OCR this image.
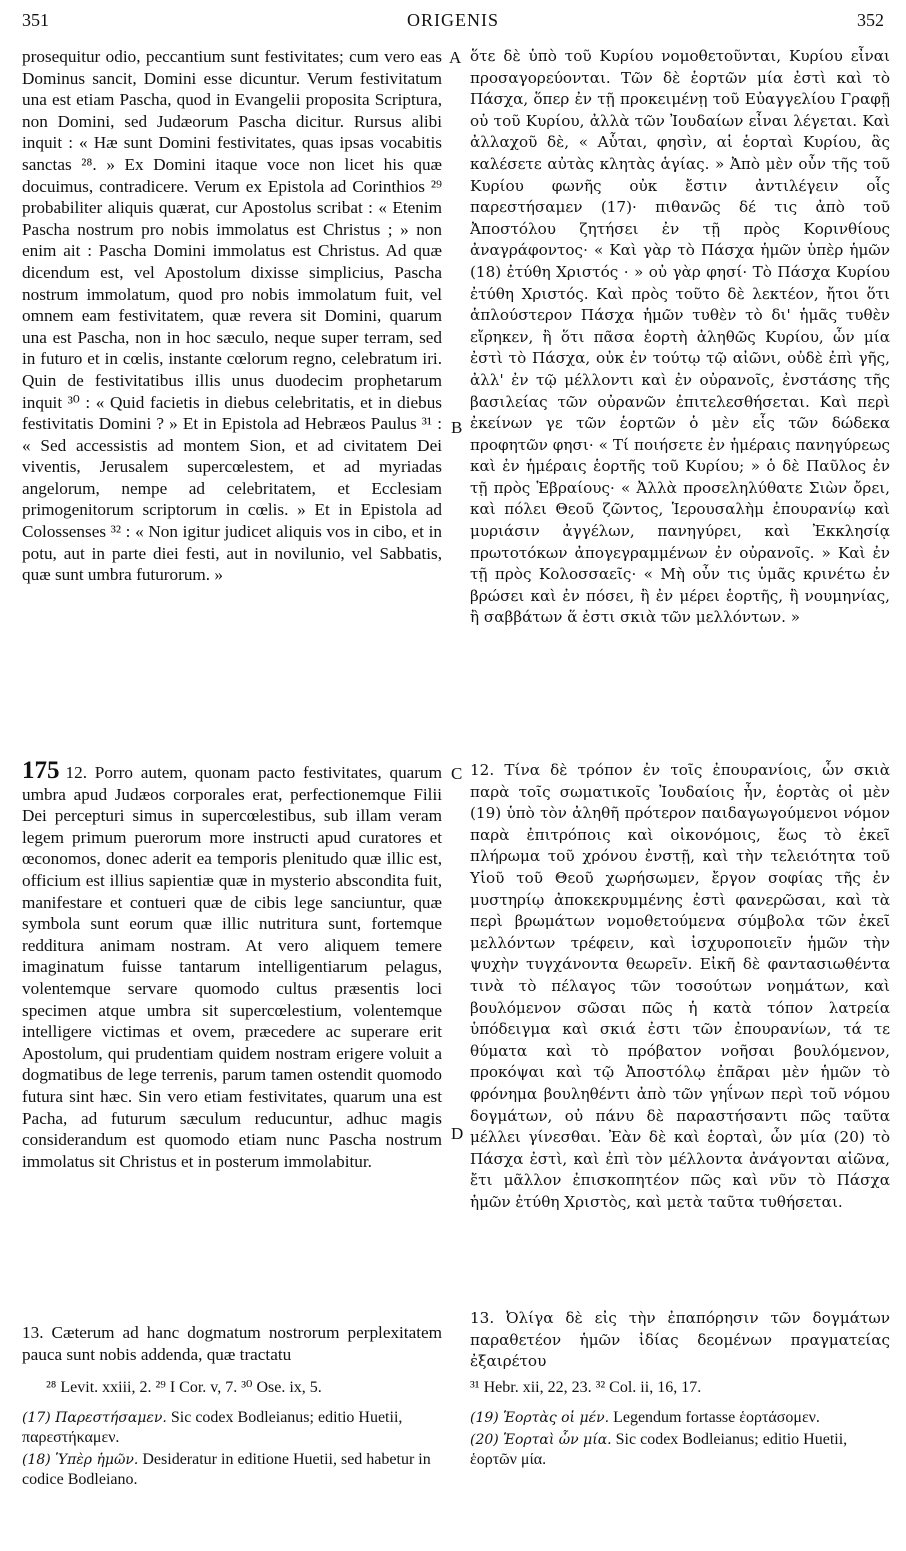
351	ORIGENIS	352

prosequitur odio, peccantium sunt festivitates; cum vero eas Dominus sancit, Domini esse dicuntur. Verum festivitatum una est etiam Pascha, quod in Evangelii proposita Scriptura, non Domini, sed Judæorum Pascha dicitur. Rursus alibi inquit : « Hæ sunt Domini festivitates, quas ipsas vocabitis sanctas ²⁸. » Ex Domini itaque voce non licet his quæ docuimus, contradicere. Verum ex Epistola ad Corinthios ²⁹ probabiliter aliquis quærat, cur Apostolus scribat : « Etenim Pascha nostrum pro nobis immolatus est Christus ; » non enim ait : Pascha Domini immolatus est Christus. Ad quæ dicendum est, vel Apostolum dixisse simplicius, Pascha nostrum immolatum, quod pro nobis immolatum fuit, vel omnem eam festivitatem, quæ revera sit Domini, quarum una est Pascha, non in hoc sæculo, neque super terram, sed in futuro et in cœlis, instante cœlorum regno, celebratum iri. Quin de festivitatibus illis unus duodecim prophetarum inquit ³⁰ : « Quid facietis in diebus celebritatis, et in diebus festivitatis Domini ? » Et in Epistola ad Hebræos Paulus ³¹ : « Sed accessistis ad montem Sion, et ad civitatem Dei viventis, Jerusalem supercœlestem, et ad myriadas angelorum, nempe ad celebritatem, et Ecclesiam primogenitorum scriptorum in cœlis. » Et in Epistola ad Colossenses ³² : « Non igitur judicet aliquis vos in cibo, et in potu, aut in parte diei festi, aut in novilunio, vel Sabbatis, quæ sunt umbra futurorum. »

175 12. Porro autem, quonam pacto festivitates, quarum umbra apud Judæos corporales erat, perfectionemque Filii Dei percepturi simus in supercœlestibus, sub illam veram legem primum puerorum more instructi apud curatores et œconomos, donec aderit ea temporis plenitudo quæ illic est, officium est illius sapientiæ quæ in mysterio abscondita fuit, manifestare et contueri quæ de cibis lege sanciuntur, quæ symbola sunt eorum quæ illic nutritura sunt, fortemque redditura animam nostram. At vero aliquem temere imaginatum fuisse tantarum intelligentiarum pelagus, volentemque servare quomodo cultus præsentis loci specimen atque umbra sit supercœlestium, volentemque intelligere victimas et ovem, præcedere ac superare erit Apostolum, qui prudentiam quidem nostram erigere voluit a dogmatibus de lege terrenis, parum tamen ostendit quomodo futura sint hæc. Sin vero etiam festivitates, quarum una est Pacha, ad futurum sæculum reducuntur, adhuc magis considerandum est quomodo etiam nunc Pascha nostrum immolatus sit Christus et in posterum immolabitur.

13. Cæterum ad hanc dogmatum nostrorum perplexitatem pauca sunt nobis addenda, quæ tractatu

ὅτε δὲ ὑπὸ τοῦ Κυρίου νομοθετοῦνται, Κυρίου εἶναι προσαγορεύονται. Τῶν δὲ ἑορτῶν μία ἐστὶ καὶ τὸ Πάσχα, ὅπερ ἐν τῇ προκειμένῃ τοῦ Εὐαγγελίου Γραφῇ οὐ τοῦ Κυρίου, ἀλλὰ τῶν Ἰουδαίων εἶναι λέγεται. Καὶ ἀλλαχοῦ δὲ, « Αὗται, φησὶν, αἱ ἑορταὶ Κυρίου, ἃς καλέσετε αὐτὰς κλητὰς ἁγίας. » Ἀπὸ μὲν οὖν τῆς τοῦ Κυρίου φωνῆς οὐκ ἔστιν ἀντιλέγειν οἷς παρεστήσαμεν (17)· πιθανῶς δέ τις ἀπὸ τοῦ Ἀποστόλου ζητήσει ἐν τῇ πρὸς Κορινθίους ἀναγράφοντος· « Καὶ γὰρ τὸ Πάσχα ἡμῶν ὑπὲρ ἡμῶν (18) ἐτύθη Χριστός · » οὐ γὰρ φησί· Τὸ Πάσχα Κυρίου ἐτύθη Χριστός. Καὶ πρὸς τοῦτο δὲ λεκτέον, ἤτοι ὅτι ἁπλούστερον Πάσχα ἡμῶν τυθὲν τὸ δι' ἡμᾶς τυθὲν εἴρηκεν, ἢ ὅτι πᾶσα ἑορτὴ ἀληθῶς Κυρίου, ὧν μία ἐστὶ τὸ Πάσχα, οὐκ ἐν τούτῳ τῷ αἰῶνι, οὐδὲ ἐπὶ γῆς, ἀλλ' ἐν τῷ μέλλοντι καὶ ἐν οὐρανοῖς, ἐνστάσης τῆς βασιλείας τῶν οὐρανῶν ἐπιτελεσθήσεται. Καὶ περὶ ἐκείνων γε τῶν ἑορτῶν ὁ μὲν εἷς τῶν δώδεκα προφητῶν φησι· « Τί ποιήσετε ἐν ἡμέραις πανηγύρεως καὶ ἐν ἡμέραις ἑορτῆς τοῦ Κυρίου; » ὁ δὲ Παῦλος ἐν τῇ πρὸς Ἑβραίους· « Ἀλλὰ προσεληλύθατε Σιὼν ὄρει, καὶ πόλει Θεοῦ ζῶντος, Ἱερουσαλὴμ ἐπουρανίῳ καὶ μυριάσιν ἀγγέλων, πανηγύρει, καὶ Ἐκκλησίᾳ πρωτοτόκων ἀπογεγραμμένων ἐν οὐρανοῖς. » Καὶ ἐν τῇ πρὸς Κολοσσαεῖς· « Μὴ οὖν τις ὑμᾶς κρινέτω ἐν βρώσει καὶ ἐν πόσει, ἢ ἐν μέρει ἑορτῆς, ἢ νουμηνίας, ἢ σαββάτων ἅ ἐστι σκιὰ τῶν μελλόντων. »

12. Τίνα δὲ τρόπον ἐν τοῖς ἐπουρανίοις, ὧν σκιὰ παρὰ τοῖς σωματικοῖς Ἰουδαίοις ἦν, ἑορτὰς οἱ μὲν (19) ὑπὸ τὸν ἀληθῆ πρότερον παιδαγωγούμενοι νόμον παρὰ ἐπιτρόποις καὶ οἰκονόμοις, ἕως τὸ ἐκεῖ πλήρωμα τοῦ χρόνου ἐνστῇ, καὶ τὴν τελειότητα τοῦ Υἱοῦ τοῦ Θεοῦ χωρήσωμεν, ἔργον σοφίας τῆς ἐν μυστηρίῳ ἀποκεκρυμμένης ἐστὶ φανερῶσαι, καὶ τὰ περὶ βρωμάτων νομοθετούμενα σύμβολα τῶν ἐκεῖ μελλόντων τρέφειν, καὶ ἰσχυροποιεῖν ἡμῶν τὴν ψυχὴν τυγχάνοντα θεωρεῖν. Εἰκῆ δὲ φαντασιωθέντα τινὰ τὸ πέλαγος τῶν τοσούτων νοημάτων, καὶ βουλόμενον σῶσαι πῶς ἡ κατὰ τόπον λατρεία ὑπόδειγμα καὶ σκιά ἐστι τῶν ἐπουρανίων, τά τε θύματα καὶ τὸ πρόβατον νοῆσαι βουλόμενον, προκόψαι καὶ τῷ Ἀποστόλῳ ἐπᾶραι μὲν ἡμῶν τὸ φρόνημα βουληθέντι ἀπὸ τῶν γηΐνων περὶ τοῦ νόμου δογμάτων, οὐ πάνυ δὲ παραστήσαντι πῶς ταῦτα μέλλει γίνεσθαι. Ἐὰν δὲ καὶ ἑορταὶ, ὧν μία (20) τὸ Πάσχα ἐστὶ, καὶ ἐπὶ τὸν μέλλοντα ἀνάγονται αἰῶνα, ἔτι μᾶλλον ἐπισκοπητέον πῶς καὶ νῦν τὸ Πάσχα ἡμῶν ἐτύθη Χριστὸς, καὶ μετὰ ταῦτα τυθήσεται.

13. Ὀλίγα δὲ εἰς τὴν ἐπαπόρησιν τῶν δογμάτων παραθετέον ἡμῶν ἰδίας δεομένων πραγματείας ἐξαιρέτου

A
B
C
D
²⁸ Levit. xxiii, 2. ²⁹ I Cor. v, 7. ³⁰ Ose. ix, 5.	³¹ Hebr. xii, 22, 23. ³² Col. ii, 16, 17.

(17) Παρεστήσαμεν. Sic codex Bodleianus; editio Huetii, παρεστήκαμεν.

(18) Ὑπὲρ ἡμῶν. Desideratur in editione Huetii, sed habetur in codice Bodleiano.

(19) Ἑορτὰς οἱ μέν. Legendum fortasse ἑορτάσομεν.

(20) Ἑορταὶ ὧν μία. Sic codex Bodleianus; editio Huetii, ἑορτῶν μία.
